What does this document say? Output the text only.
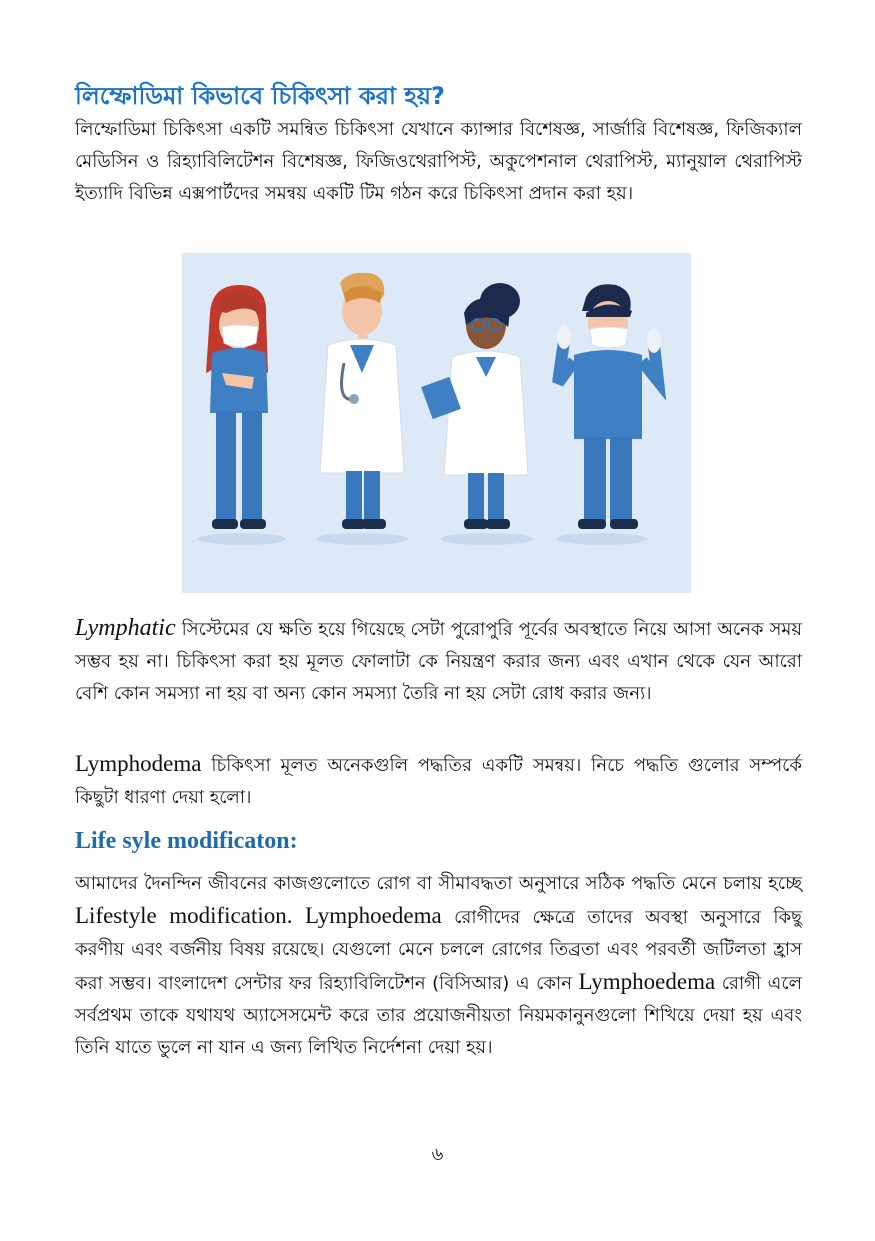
লিম্ফোডিমা কিভাবে চিকিৎসা করা হয়?
লিম্ফোডিমা চিকিৎসা একটি সমন্বিত চিকিৎসা যেখানে ক্যান্সার বিশেষজ্ঞ, সার্জারি বিশেষজ্ঞ, ফিজিক্যাল মেডিসিন ও রিহ্যাবিলিটেশন বিশেষজ্ঞ, ফিজিওথেরাপিস্ট, অকুপেশনাল থেরাপিস্ট, ম্যানুয়াল থেরাপিস্ট ইত্যাদি বিভিন্ন এক্সপার্টদের সমন্বয় একটি টিম গঠন করে চিকিৎসা প্রদান করা হয়।
Lymphatic সিস্টেমের যে ক্ষতি হয়ে গিয়েছে সেটা পুরোপুরি পূর্বের অবস্থাতে নিয়ে আসা অনেক সময় সম্ভব হয় না। চিকিৎসা করা হয় মূলত ফোলাটা কে নিয়ন্ত্রণ করার জন্য এবং এখান থেকে যেন আরো বেশি কোন সমস্যা না হয় বা অন্য কোন সমস্যা তৈরি না হয় সেটা রোধ করার জন্য।
Lymphodema চিকিৎসা মূলত অনেকগুলি পদ্ধতির একটি সমন্বয়। নিচে পদ্ধতি গুলোর সম্পর্কে কিছুটা ধারণা দেয়া হলো।
Life syle modificaton:
আমাদের দৈনন্দিন জীবনের কাজগুলোতে রোগ বা সীমাবদ্ধতা অনুসারে সঠিক পদ্ধতি মেনে চলায় হচ্ছে Lifestyle modification. Lymphoedema রোগীদের ক্ষেত্রে তাদের অবস্থা অনুসারে কিছু করণীয় এবং বর্জনীয় বিষয় রয়েছে। যেগুলো মেনে চললে রোগের তিব্রতা এবং পরবর্তী জটিলতা হ্রাস করা সম্ভব। বাংলাদেশ সেন্টার ফর রিহ্যাবিলিটেশন (বিসিআর) এ কোন Lymphoedema রোগী এলে সর্বপ্রথম তাকে যথাযথ অ্যাসেসমেন্ট করে তার প্রয়োজনীয়তা নিয়মকানুনগুলো শিখিয়ে দেয়া হয় এবং তিনি যাতে ভুলে না যান এ জন্য লিখিত নির্দেশনা দেয়া হয়।
৬
